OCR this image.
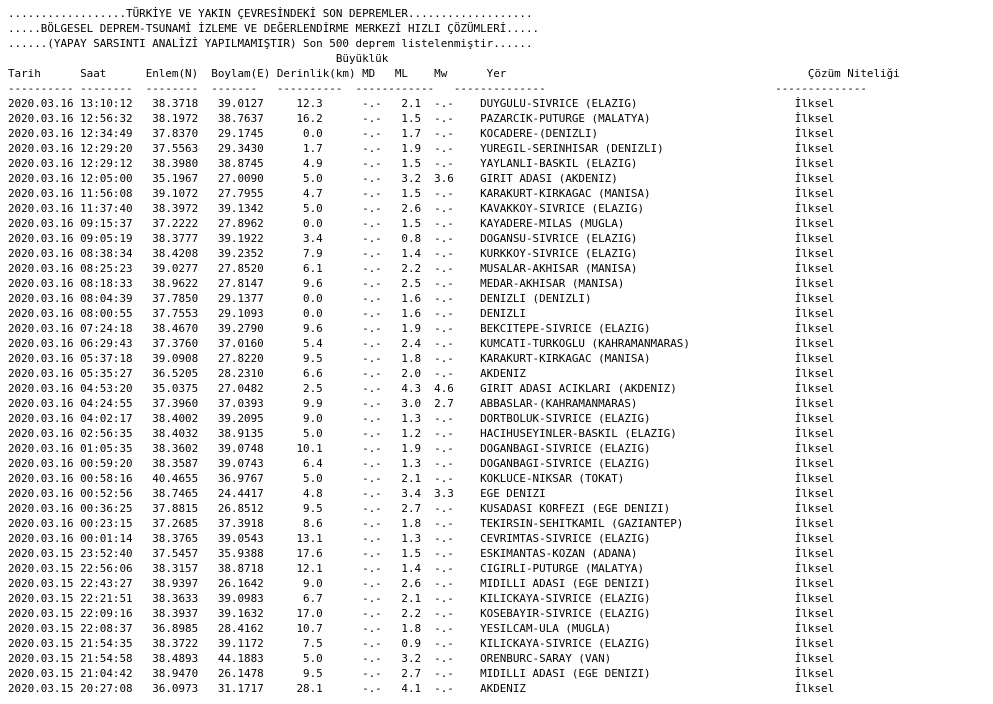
..................TÜRKİYE VE YAKIN ÇEVRESİNDEKİ SON DEPREMLER...................
.....BÖLGESEL DEPREM-TSUNAMİ İZLEME VE DEĞERLENDİRME MERKEZİ HIZLI ÇÖZÜMLERİ.....
......(YAPAY SARSINTI ANALİZİ YAPILMAMIŞTIR) Son 500 deprem listelenmiştir......
Büyüklük
Tarih      Saat      Enlem(N)  Boylam(E) Derinlik(km) MD   ML    Mw      Yer                                              Çözüm Niteliği
---------- --------  --------  -------   ----------  ------------   --------------                                   --------------
2020.03.16 13:10:12   38.3718   39.0127     12.3      -.-   2.1  -.-    DUYGULU-SIVRICE (ELAZIG)                        İlksel
2020.03.16 12:56:32   38.1972   38.7637     16.2      -.-   1.5  -.-    PAZARCIK-PUTURGE (MALATYA)                      İlksel
2020.03.16 12:34:49   37.8370   29.1745      0.0      -.-   1.7  -.-    KOCADERE-(DENIZLI)                              İlksel
2020.03.16 12:29:20   37.5563   29.3430      1.7      -.-   1.9  -.-    YUREGIL-SERINHISAR (DENIZLI)                    İlksel
2020.03.16 12:29:12   38.3980   38.8745      4.9      -.-   1.5  -.-    YAYLANLI-BASKIL (ELAZIG)                        İlksel
2020.03.16 12:05:00   35.1967   27.0090      5.0      -.-   3.2  3.6    GIRIT ADASI (AKDENIZ)                           İlksel
2020.03.16 11:56:08   39.1072   27.7955      4.7      -.-   1.5  -.-    KARAKURT-KIRKAGAC (MANISA)                      İlksel
2020.03.16 11:37:40   38.3972   39.1342      5.0      -.-   2.6  -.-    KAVAKKOY-SIVRICE (ELAZIG)                       İlksel
2020.03.16 09:15:37   37.2222   27.8962      0.0      -.-   1.5  -.-    KAYADERE-MILAS (MUGLA)                          İlksel
2020.03.16 09:05:19   38.3777   39.1922      3.4      -.-   0.8  -.-    DOGANSU-SIVRICE (ELAZIG)                        İlksel
2020.03.16 08:38:34   38.4208   39.2352      7.9      -.-   1.4  -.-    KURKKOY-SIVRICE (ELAZIG)                        İlksel
2020.03.16 08:25:23   39.0277   27.8520      6.1      -.-   2.2  -.-    MUSALAR-AKHISAR (MANISA)                        İlksel
2020.03.16 08:18:33   38.9622   27.8147      9.6      -.-   2.5  -.-    MEDAR-AKHISAR (MANISA)                          İlksel
2020.03.16 08:04:39   37.7850   29.1377      0.0      -.-   1.6  -.-    DENIZLI (DENIZLI)                               İlksel
2020.03.16 08:00:55   37.7553   29.1093      0.0      -.-   1.6  -.-    DENIZLI                                         İlksel
2020.03.16 07:24:18   38.4670   39.2790      9.6      -.-   1.9  -.-    BEKCITEPE-SIVRICE (ELAZIG)                      İlksel
2020.03.16 06:29:43   37.3760   37.0160      5.4      -.-   2.4  -.-    KUMCATI-TURKOGLU (KAHRAMANMARAS)                İlksel
2020.03.16 05:37:18   39.0908   27.8220      9.5      -.-   1.8  -.-    KARAKURT-KIRKAGAC (MANISA)                      İlksel
2020.03.16 05:35:27   36.5205   28.2310      6.6      -.-   2.0  -.-    AKDENIZ                                         İlksel
2020.03.16 04:53:20   35.0375   27.0482      2.5      -.-   4.3  4.6    GIRIT ADASI ACIKLARI (AKDENIZ)                  İlksel
2020.03.16 04:24:55   37.3960   37.0393      9.9      -.-   3.0  2.7    ABBASLAR-(KAHRAMANMARAS)                        İlksel
2020.03.16 04:02:17   38.4002   39.2095      9.0      -.-   1.3  -.-    DORTBOLUK-SIVRICE (ELAZIG)                      İlksel
2020.03.16 02:56:35   38.4032   38.9135      5.0      -.-   1.2  -.-    HACIHUSEYINLER-BASKIL (ELAZIG)                  İlksel
2020.03.16 01:05:35   38.3602   39.0748     10.1      -.-   1.9  -.-    DOGANBAGI-SIVRICE (ELAZIG)                      İlksel
2020.03.16 00:59:20   38.3587   39.0743      6.4      -.-   1.3  -.-    DOGANBAGI-SIVRICE (ELAZIG)                      İlksel
2020.03.16 00:58:16   40.4655   36.9767      5.0      -.-   2.1  -.-    KOKLUCE-NIKSAR (TOKAT)                          İlksel
2020.03.16 00:52:56   38.7465   24.4417      4.8      -.-   3.4  3.3    EGE DENIZI                                      İlksel
2020.03.16 00:36:25   37.8815   26.8512      9.5      -.-   2.7  -.-    KUSADASI KORFEZI (EGE DENIZI)                   İlksel
2020.03.16 00:23:15   37.2685   37.3918      8.6      -.-   1.8  -.-    TEKIRSIN-SEHITKAMIL (GAZIANTEP)                 İlksel
2020.03.16 00:01:14   38.3765   39.0543     13.1      -.-   1.3  -.-    CEVRIMTAS-SIVRICE (ELAZIG)                      İlksel
2020.03.15 23:52:40   37.5457   35.9388     17.6      -.-   1.5  -.-    ESKIMANTAS-KOZAN (ADANA)                        İlksel
2020.03.15 22:56:06   38.3157   38.8718     12.1      -.-   1.4  -.-    CIGIRLI-PUTURGE (MALATYA)                       İlksel
2020.03.15 22:43:27   38.9397   26.1642      9.0      -.-   2.6  -.-    MIDILLI ADASI (EGE DENIZI)                      İlksel
2020.03.15 22:21:51   38.3633   39.0983      6.7      -.-   2.1  -.-    KILICKAYA-SIVRICE (ELAZIG)                      İlksel
2020.03.15 22:09:16   38.3937   39.1632     17.0      -.-   2.2  -.-    KOSEBAYIR-SIVRICE (ELAZIG)                      İlksel
2020.03.15 22:08:37   36.8985   28.4162     10.7      -.-   1.8  -.-    YESILCAM-ULA (MUGLA)                            İlksel
2020.03.15 21:54:35   38.3722   39.1172      7.5      -.-   0.9  -.-    KILICKAYA-SIVRICE (ELAZIG)                      İlksel
2020.03.15 21:54:58   38.4893   44.1883      5.0      -.-   3.2  -.-    ORENBURC-SARAY (VAN)                            İlksel
2020.03.15 21:04:42   38.9470   26.1478      9.5      -.-   2.7  -.-    MIDILLI ADASI (EGE DENIZI)                      İlksel
2020.03.15 20:27:08   36.0973   31.1717     28.1      -.-   4.1  -.-    AKDENIZ                                         İlksel
